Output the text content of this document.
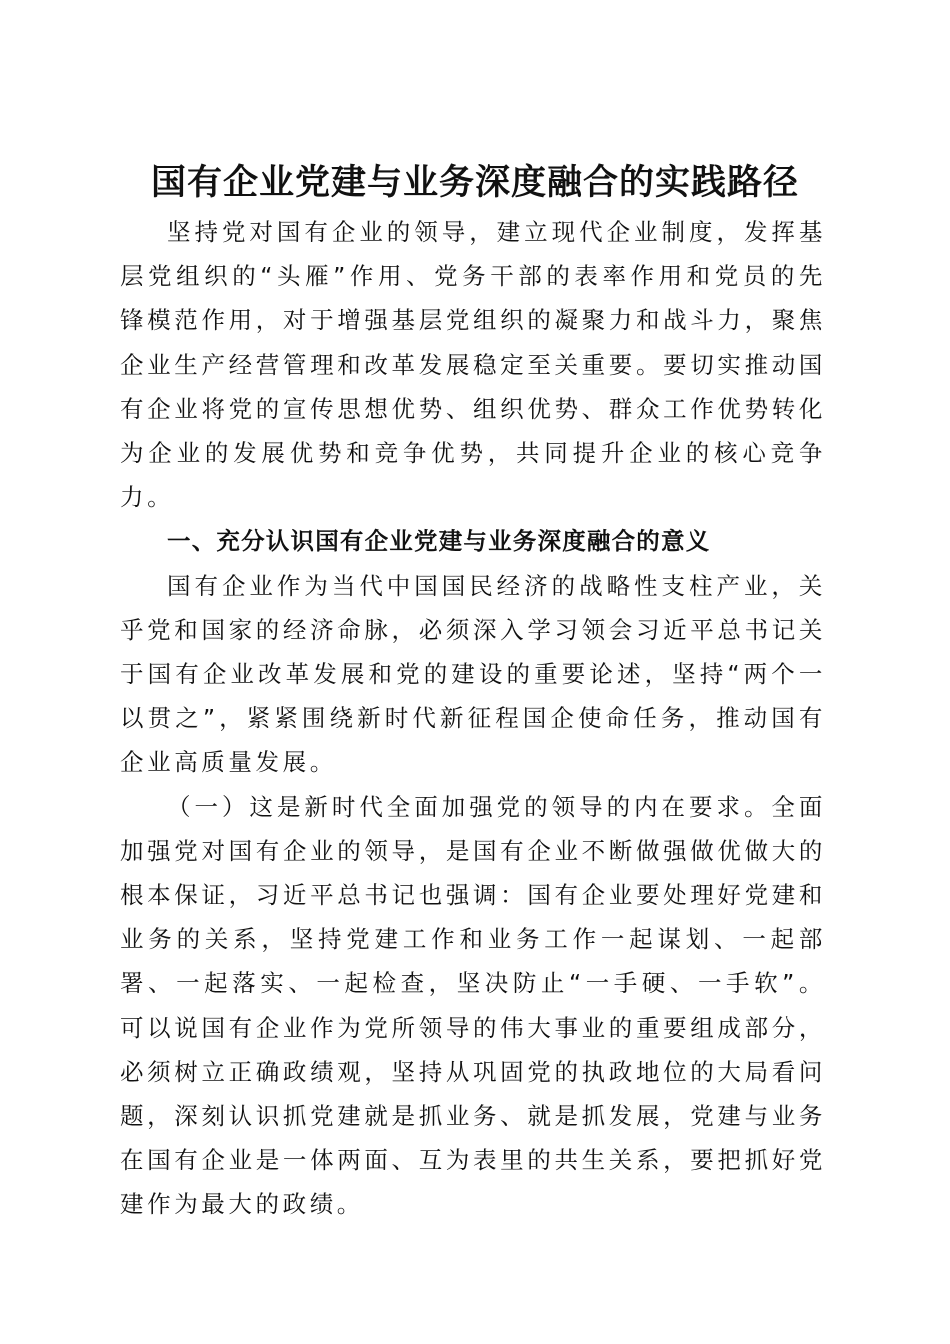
国有企业党建与业务深度融合的实践路径

坚持党对国有企业的领导，建立现代企业制度，发挥基层党组织的“头雁”作用、党务干部的表率作用和党员的先锋模范作用，对于增强基层党组织的凝聚力和战斗力，聚焦企业生产经营管理和改革发展稳定至关重要。要切实推动国有企业将党的宣传思想优势、组织优势、群众工作优势转化为企业的发展优势和竞争优势，共同提升企业的核心竞争力。

一、充分认识国有企业党建与业务深度融合的意义

国有企业作为当代中国国民经济的战略性支柱产业，关乎党和国家的经济命脉，必须深入学习领会习近平总书记关于国有企业改革发展和党的建设的重要论述，坚持“两个一以贯之”，紧紧围绕新时代新征程国企使命任务，推动国有企业高质量发展。

（一）这是新时代全面加强党的领导的内在要求。全面加强党对国有企业的领导，是国有企业不断做强做优做大的根本保证，习近平总书记也强调：国有企业要处理好党建和业务的关系，坚持党建工作和业务工作一起谋划、一起部署、一起落实、一起检查，坚决防止“一手硬、一手软”。可以说国有企业作为党所领导的伟大事业的重要组成部分，必须树立正确政绩观，坚持从巩固党的执政地位的大局看问题，深刻认识抓党建就是抓业务、就是抓发展，党建与业务在国有企业是一体两面、互为表里的共生关系，要把抓好党建作为最大的政绩。
